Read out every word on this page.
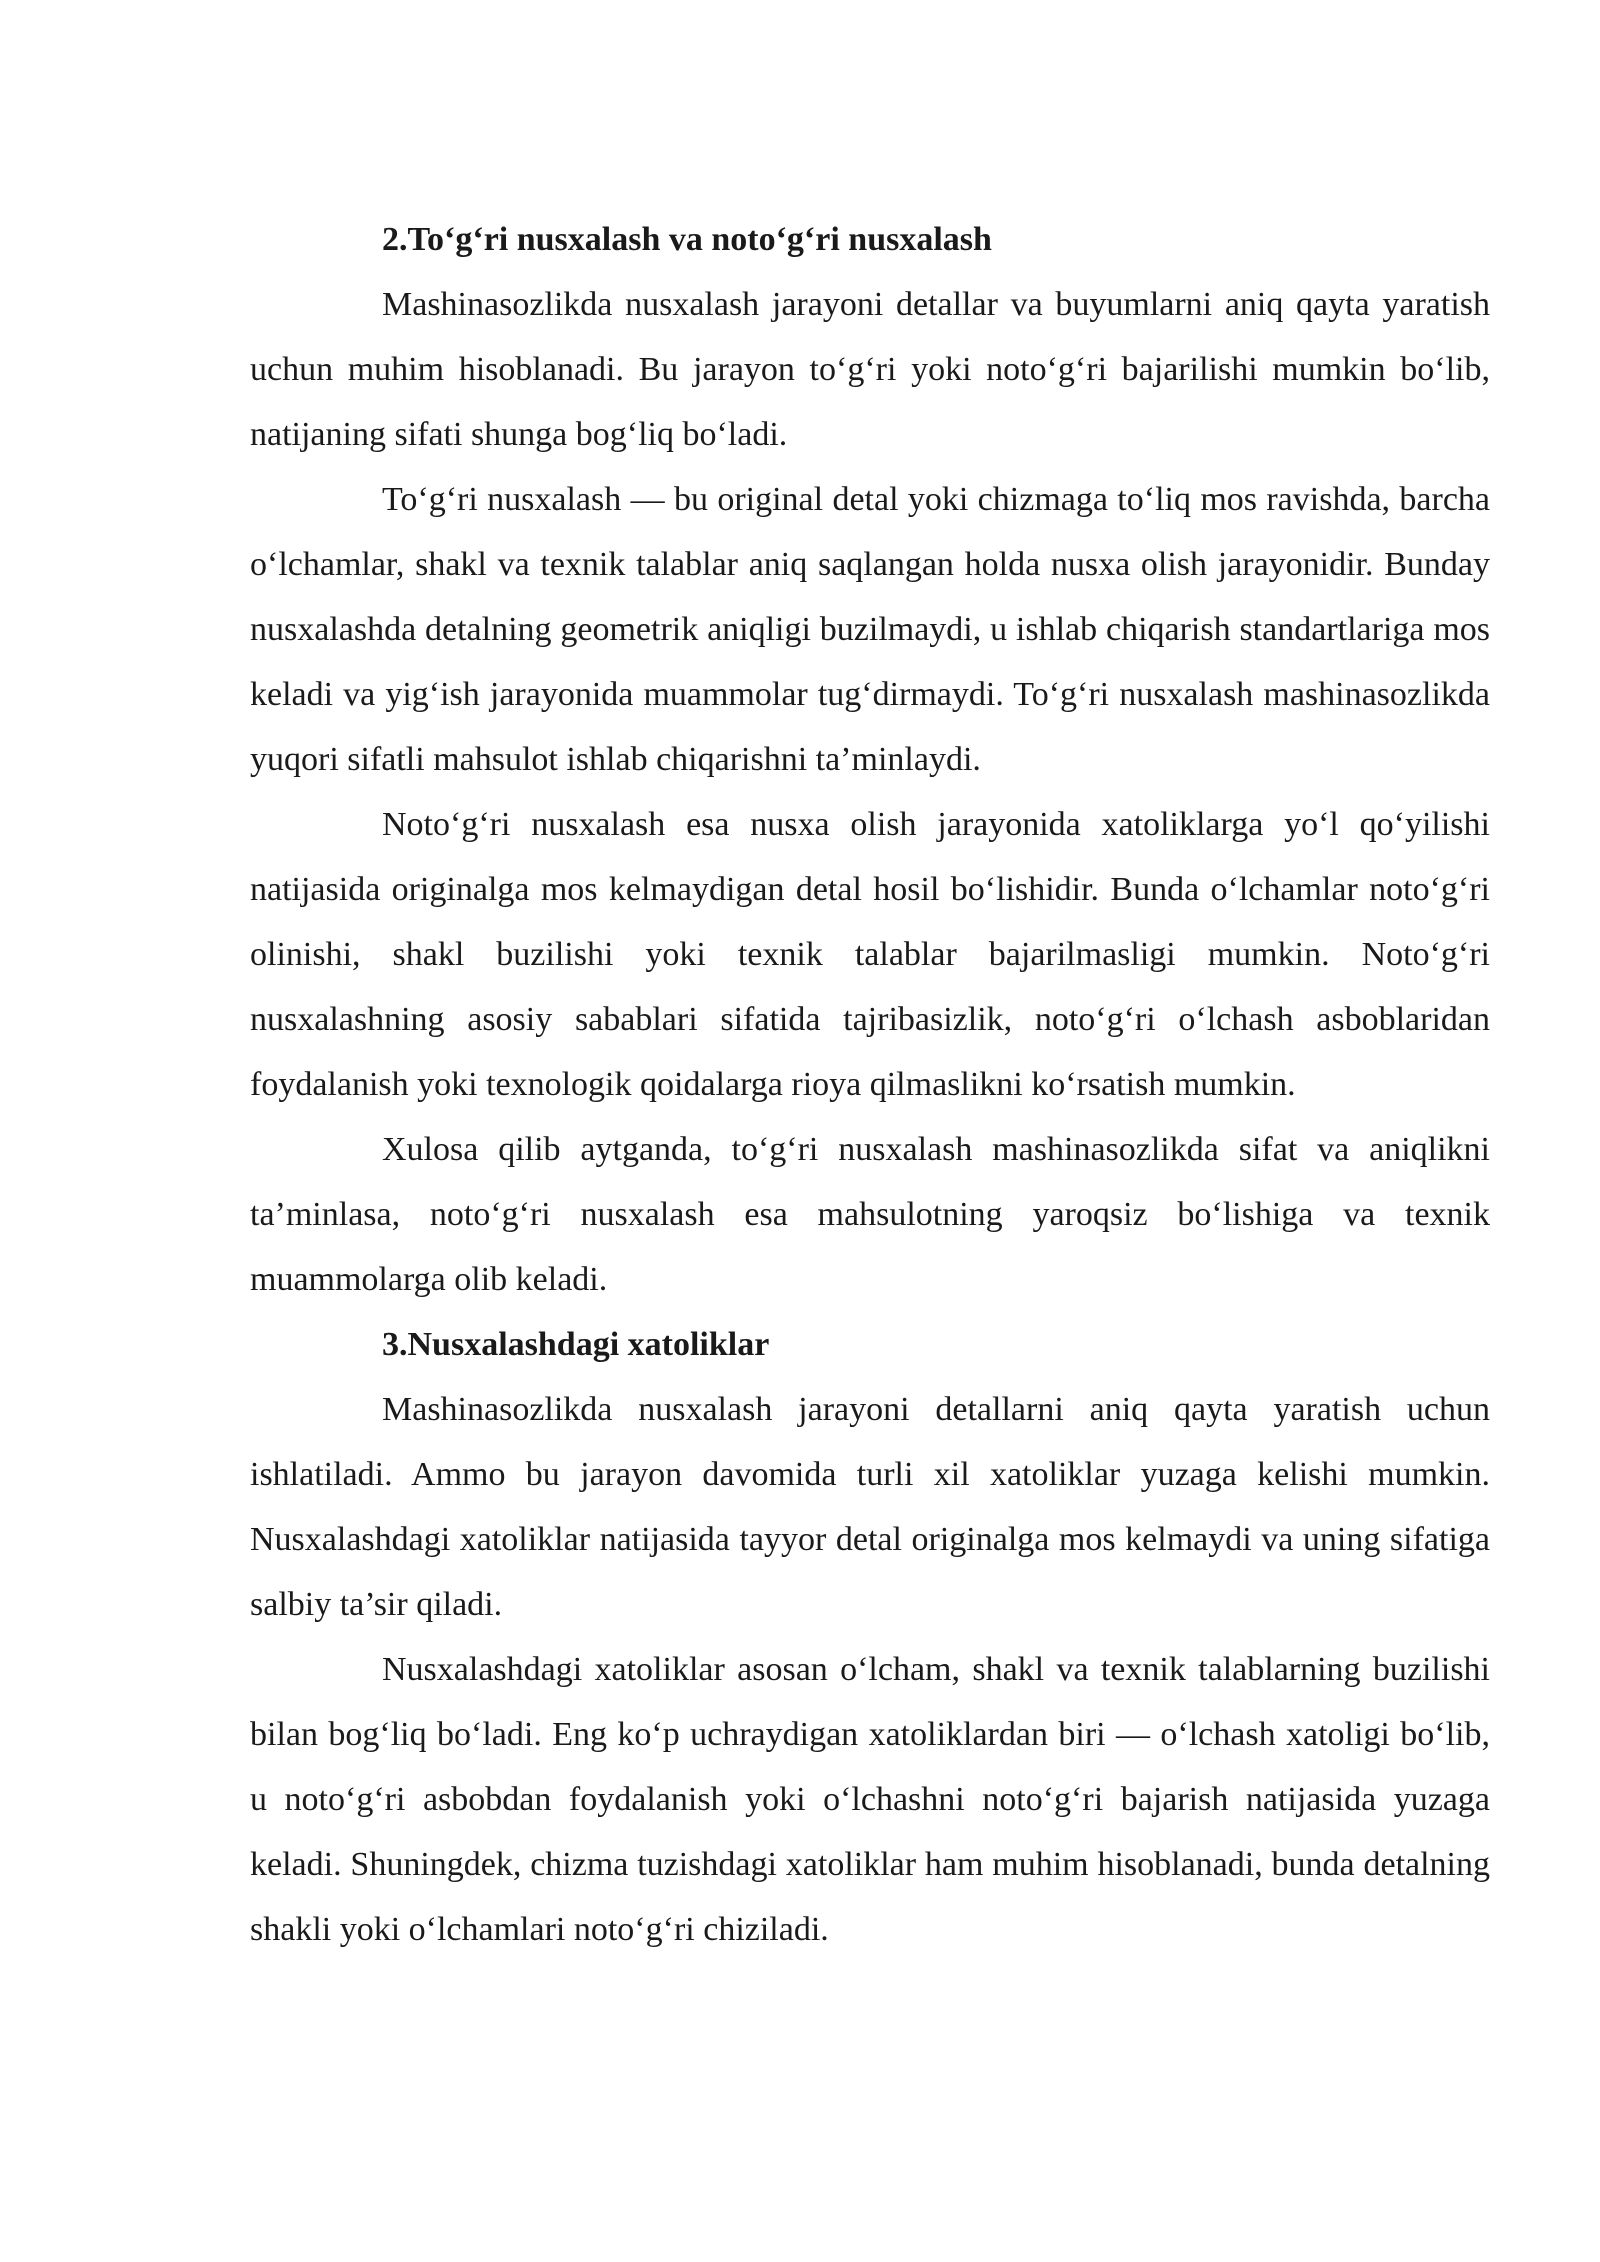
2.To‘g‘ri nusxalash va noto‘g‘ri nusxalash

Mashinasozlikda nusxalash jarayoni detallar va buyumlarni aniq qayta yaratish uchun muhim hisoblanadi. Bu jarayon to‘g‘ri yoki noto‘g‘ri bajarilishi mumkin bo‘lib, natijaning sifati shunga bog‘liq bo‘ladi.

To‘g‘ri nusxalash — bu original detal yoki chizmaga to‘liq mos ravishda, barcha o‘lchamlar, shakl va texnik talablar aniq saqlangan holda nusxa olish jarayonidir. Bunday nusxalashda detalning geometrik aniqligi buzilmaydi, u ishlab chiqarish standartlariga mos keladi va yig‘ish jarayonida muammolar tug‘dirmaydi. To‘g‘ri nusxalash mashinasozlikda yuqori sifatli mahsulot ishlab chiqarishni ta’minlaydi.

Noto‘g‘ri nusxalash esa nusxa olish jarayonida xatoliklarga yo‘l qo‘yilishi natijasida originalga mos kelmaydigan detal hosil bo‘lishidir. Bunda o‘lchamlar noto‘g‘ri olinishi, shakl buzilishi yoki texnik talablar bajarilmasligi mumkin. Noto‘g‘ri nusxalashning asosiy sabablari sifatida tajribasizlik, noto‘g‘ri o‘lchash asboblaridan foydalanish yoki texnologik qoidalarga rioya qilmaslikni ko‘rsatish mumkin.

Xulosa qilib aytganda, to‘g‘ri nusxalash mashinasozlikda sifat va aniqlikni ta’minlasa, noto‘g‘ri nusxalash esa mahsulotning yaroqsiz bo‘lishiga va texnik muammolarga olib keladi.

3.Nusxalashdagi xatoliklar

Mashinasozlikda nusxalash jarayoni detallarni aniq qayta yaratish uchun ishlatiladi. Ammo bu jarayon davomida turli xil xatoliklar yuzaga kelishi mumkin. Nusxalashdagi xatoliklar natijasida tayyor detal originalga mos kelmaydi va uning sifatiga salbiy ta’sir qiladi.

Nusxalashdagi xatoliklar asosan o‘lcham, shakl va texnik talablarning buzilishi bilan bog‘liq bo‘ladi. Eng ko‘p uchraydigan xatoliklardan biri — o‘lchash xatoligi bo‘lib, u noto‘g‘ri asbobdan foydalanish yoki o‘lchashni noto‘g‘ri bajarish natijasida yuzaga keladi. Shuningdek, chizma tuzishdagi xatoliklar ham muhim hisoblanadi, bunda detalning shakli yoki o‘lchamlari noto‘g‘ri chiziladi.
